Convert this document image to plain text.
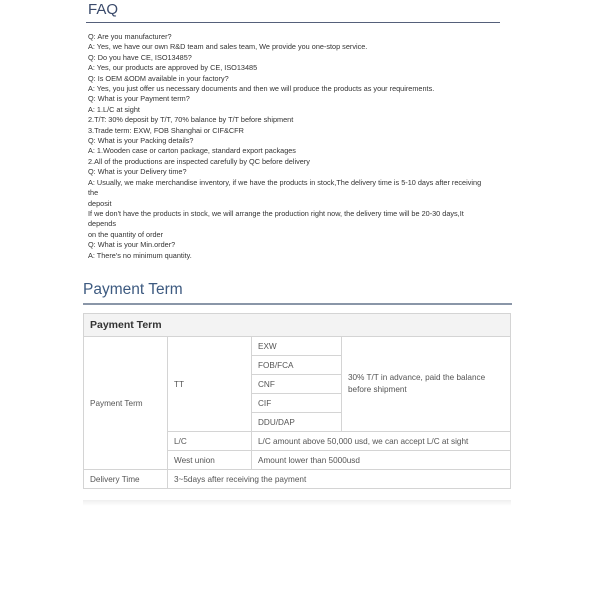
FAQ
Q: Are you manufacturer?
A: Yes, we have our own R&D team and sales team, We provide you one-stop service.
Q: Do you have CE, ISO13485?
A: Yes, our products are approved by CE, ISO13485
Q: Is OEM &ODM available in your factory?
A: Yes, you just offer us necessary documents and then we will produce the products as your requirements.
Q: What is your Payment term?
A: 1.L/C at sight
2.T/T: 30% deposit by T/T, 70% balance by T/T before shipment
3.Trade term: EXW, FOB Shanghai or CIF&CFR
Q: What is your Packing details?
A: 1.Wooden case or carton package, standard export packages
2.All of the productions are inspected carefully by QC before delivery
Q: What is your Delivery time?
A: Usually, we make merchandise inventory, if we have the products in stock,The delivery time is 5-10 days after receiving
the
deposit
If we don't have the products in stock, we will arrange the production right now, the delivery time will be 20-30 days,It
depends
on the quantity of order
Q: What is your Min.order?
A: There's no minimum quantity.
Payment Term
Payment Term			
Payment Term	TT	EXW	30% T/T in advance, paid the balance before shipment
		FOB/FCA	
		CNF	
		CIF	
		DDU/DAP	
	L/C	L/C amount above 50,000 usd, we can accept L/C at sight	
	West union	Amount lower than 5000usd	
Delivery Time	3~5days after receiving the payment		
